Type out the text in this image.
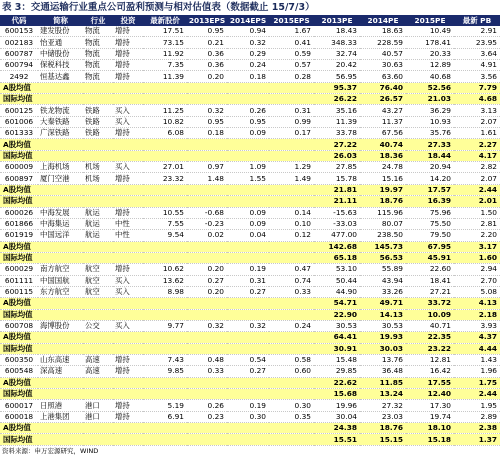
表 3：交通运输行业重点公司盈利预测与相对估值表（数据截止 15/7/3）
代码	简称	行业	投资	最新股价	2013EPS	2014EPS	2015EPS	2013PE	2014PE	2015PE	最新 PB
600153	建发股份	物流	增持	17.51	0.95	0.94	1.67	18.43	18.63	10.49	2.91
002183	怡亚通	物流	增持	73.15	0.21	0.32	0.41	348.33	228.59	178.41	23.95
600787	中储股份	物流	增持	11.92	0.36	0.29	0.59	32.74	40.57	20.33	3.64
600794	保税科技	物流	增持	7.35	0.36	0.24	0.57	20.42	30.63	12.89	4.91
2492	恒基达鑫	物流	增持	11.39	0.20	0.18	0.28	56.95	63.60	40.68	3.56
A股均值								95.37	76.40	52.56	7.79
国际均值								26.22	26.57	21.03	4.68
600125	铁龙物流	铁路	买入	11.25	0.32	0.26	0.31	35.16	43.27	36.29	3.13
601006	大秦铁路	铁路	买入	10.82	0.95	0.95	0.99	11.39	11.37	10.93	2.07
601333	广深铁路	铁路	增持	6.08	0.18	0.09	0.17	33.78	67.56	35.76	1.61
A股均值								27.22	40.74	27.33	2.27
国际均值								26.03	18.36	18.44	4.17
600009	上海机场	机场	买入	27.01	0.97	1.09	1.29	27.85	24.78	20.94	2.82
600897	厦门空港	机场	增持	23.32	1.48	1.55	1.49	15.78	15.16	14.20	2.07
A股均值								21.81	19.97	17.57	2.44
国际均值								21.11	18.76	16.39	2.01
600026	中海发展	航运	增持	10.55	-0.68	0.09	0.14	-15.63	115.96	75.96	1.50
601866	中海集运	航运	中性	7.55	-0.23	0.09	0.10	-33.03	80.07	75.50	2.81
601919	中国远洋	航运	中性	9.54	0.02	0.04	0.12	477.00	238.50	79.50	2.20
A股均值								142.68	145.73	67.95	3.17
国际均值								65.18	56.53	45.91	1.60
600029	南方航空	航空	增持	10.62	0.20	0.19	0.47	53.10	55.89	22.60	2.94
601111	中国国航	航空	买入	13.62	0.27	0.31	0.74	50.44	43.94	18.41	2.70
600115	东方航空	航空	买入	8.98	0.20	0.27	0.33	44.90	33.26	27.21	5.08
A股均值								54.71	49.71	33.72	4.13
国际均值								22.90	14.13	10.09	2.18
600708	海博股份	公交	买入	9.77	0.32	0.32	0.24	30.53	30.53	40.71	3.93
A股均值								64.41	19.93	22.35	4.37
国际均值								30.91	30.03	23.22	4.44
600350	山东高速	高速	增持	7.43	0.48	0.54	0.58	15.48	13.76	12.81	1.43
600548	深高速	高速	增持	9.85	0.33	0.27	0.60	29.85	36.48	16.42	1.96
A股均值								22.62	11.85	17.55	1.75
国际均值								15.68	13.24	12.40	2.44
600017	日照港	港口	增持	5.19	0.26	0.19	0.30	19.96	27.32	17.30	1.95
600018	上港集团	港口	增持	6.91	0.23	0.30	0.35	30.04	23.03	19.74	2.89
A股均值								24.38	18.76	18.10	2.38
国际均值								15.51	15.15	15.18	1.37
资料来源：申万宏源研究，WIND
